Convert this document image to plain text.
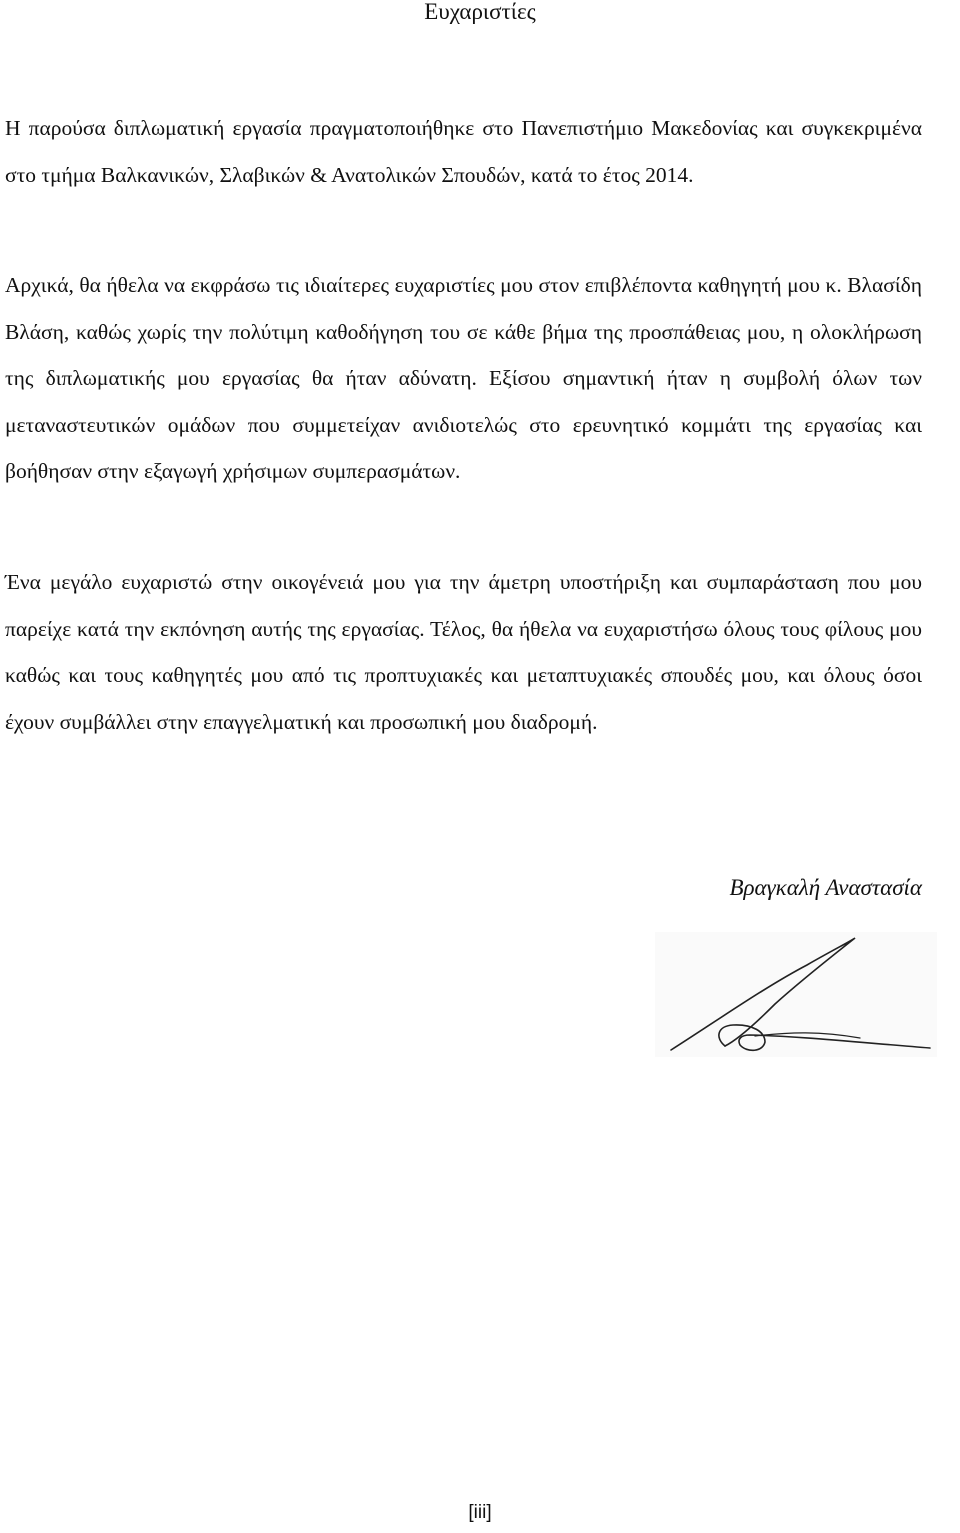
Ευχαριστίες

Η παρούσα διπλωματική εργασία πραγματοποιήθηκε στο Πανεπιστήμιο Μακεδονίας και συγκεκριμένα στο τμήμα Βαλκανικών, Σλαβικών & Ανατολικών Σπουδών, κατά το έτος 2014.

Αρχικά, θα ήθελα να εκφράσω τις ιδιαίτερες ευχαριστίες μου στον επιβλέποντα καθηγητή μου κ. Βλασίδη Βλάση, καθώς χωρίς την πολύτιμη καθοδήγηση του σε κάθε βήμα της προσπάθειας μου, η ολοκλήρωση της διπλωματικής μου εργασίας θα ήταν αδύνατη. Εξίσου σημαντική ήταν η συμβολή όλων των μεταναστευτικών ομάδων που συμμετείχαν ανιδιοτελώς στο ερευνητικό κομμάτι της εργασίας και βοήθησαν στην εξαγωγή χρήσιμων συμπερασμάτων.

Ένα μεγάλο ευχαριστώ στην οικογένειά μου για την άμετρη υποστήριξη και συμπαράσταση που μου παρείχε κατά την εκπόνηση αυτής της εργασίας. Τέλος, θα ήθελα να ευχαριστήσω όλους τους φίλους μου καθώς και τους καθηγητές μου από τις προπτυχιακές και μεταπτυχιακές σπουδές μου, και όλους όσοι έχουν συμβάλλει στην επαγγελματική και προσωπική μου διαδρομή.

Βραγκαλή Αναστασία
[iii]
